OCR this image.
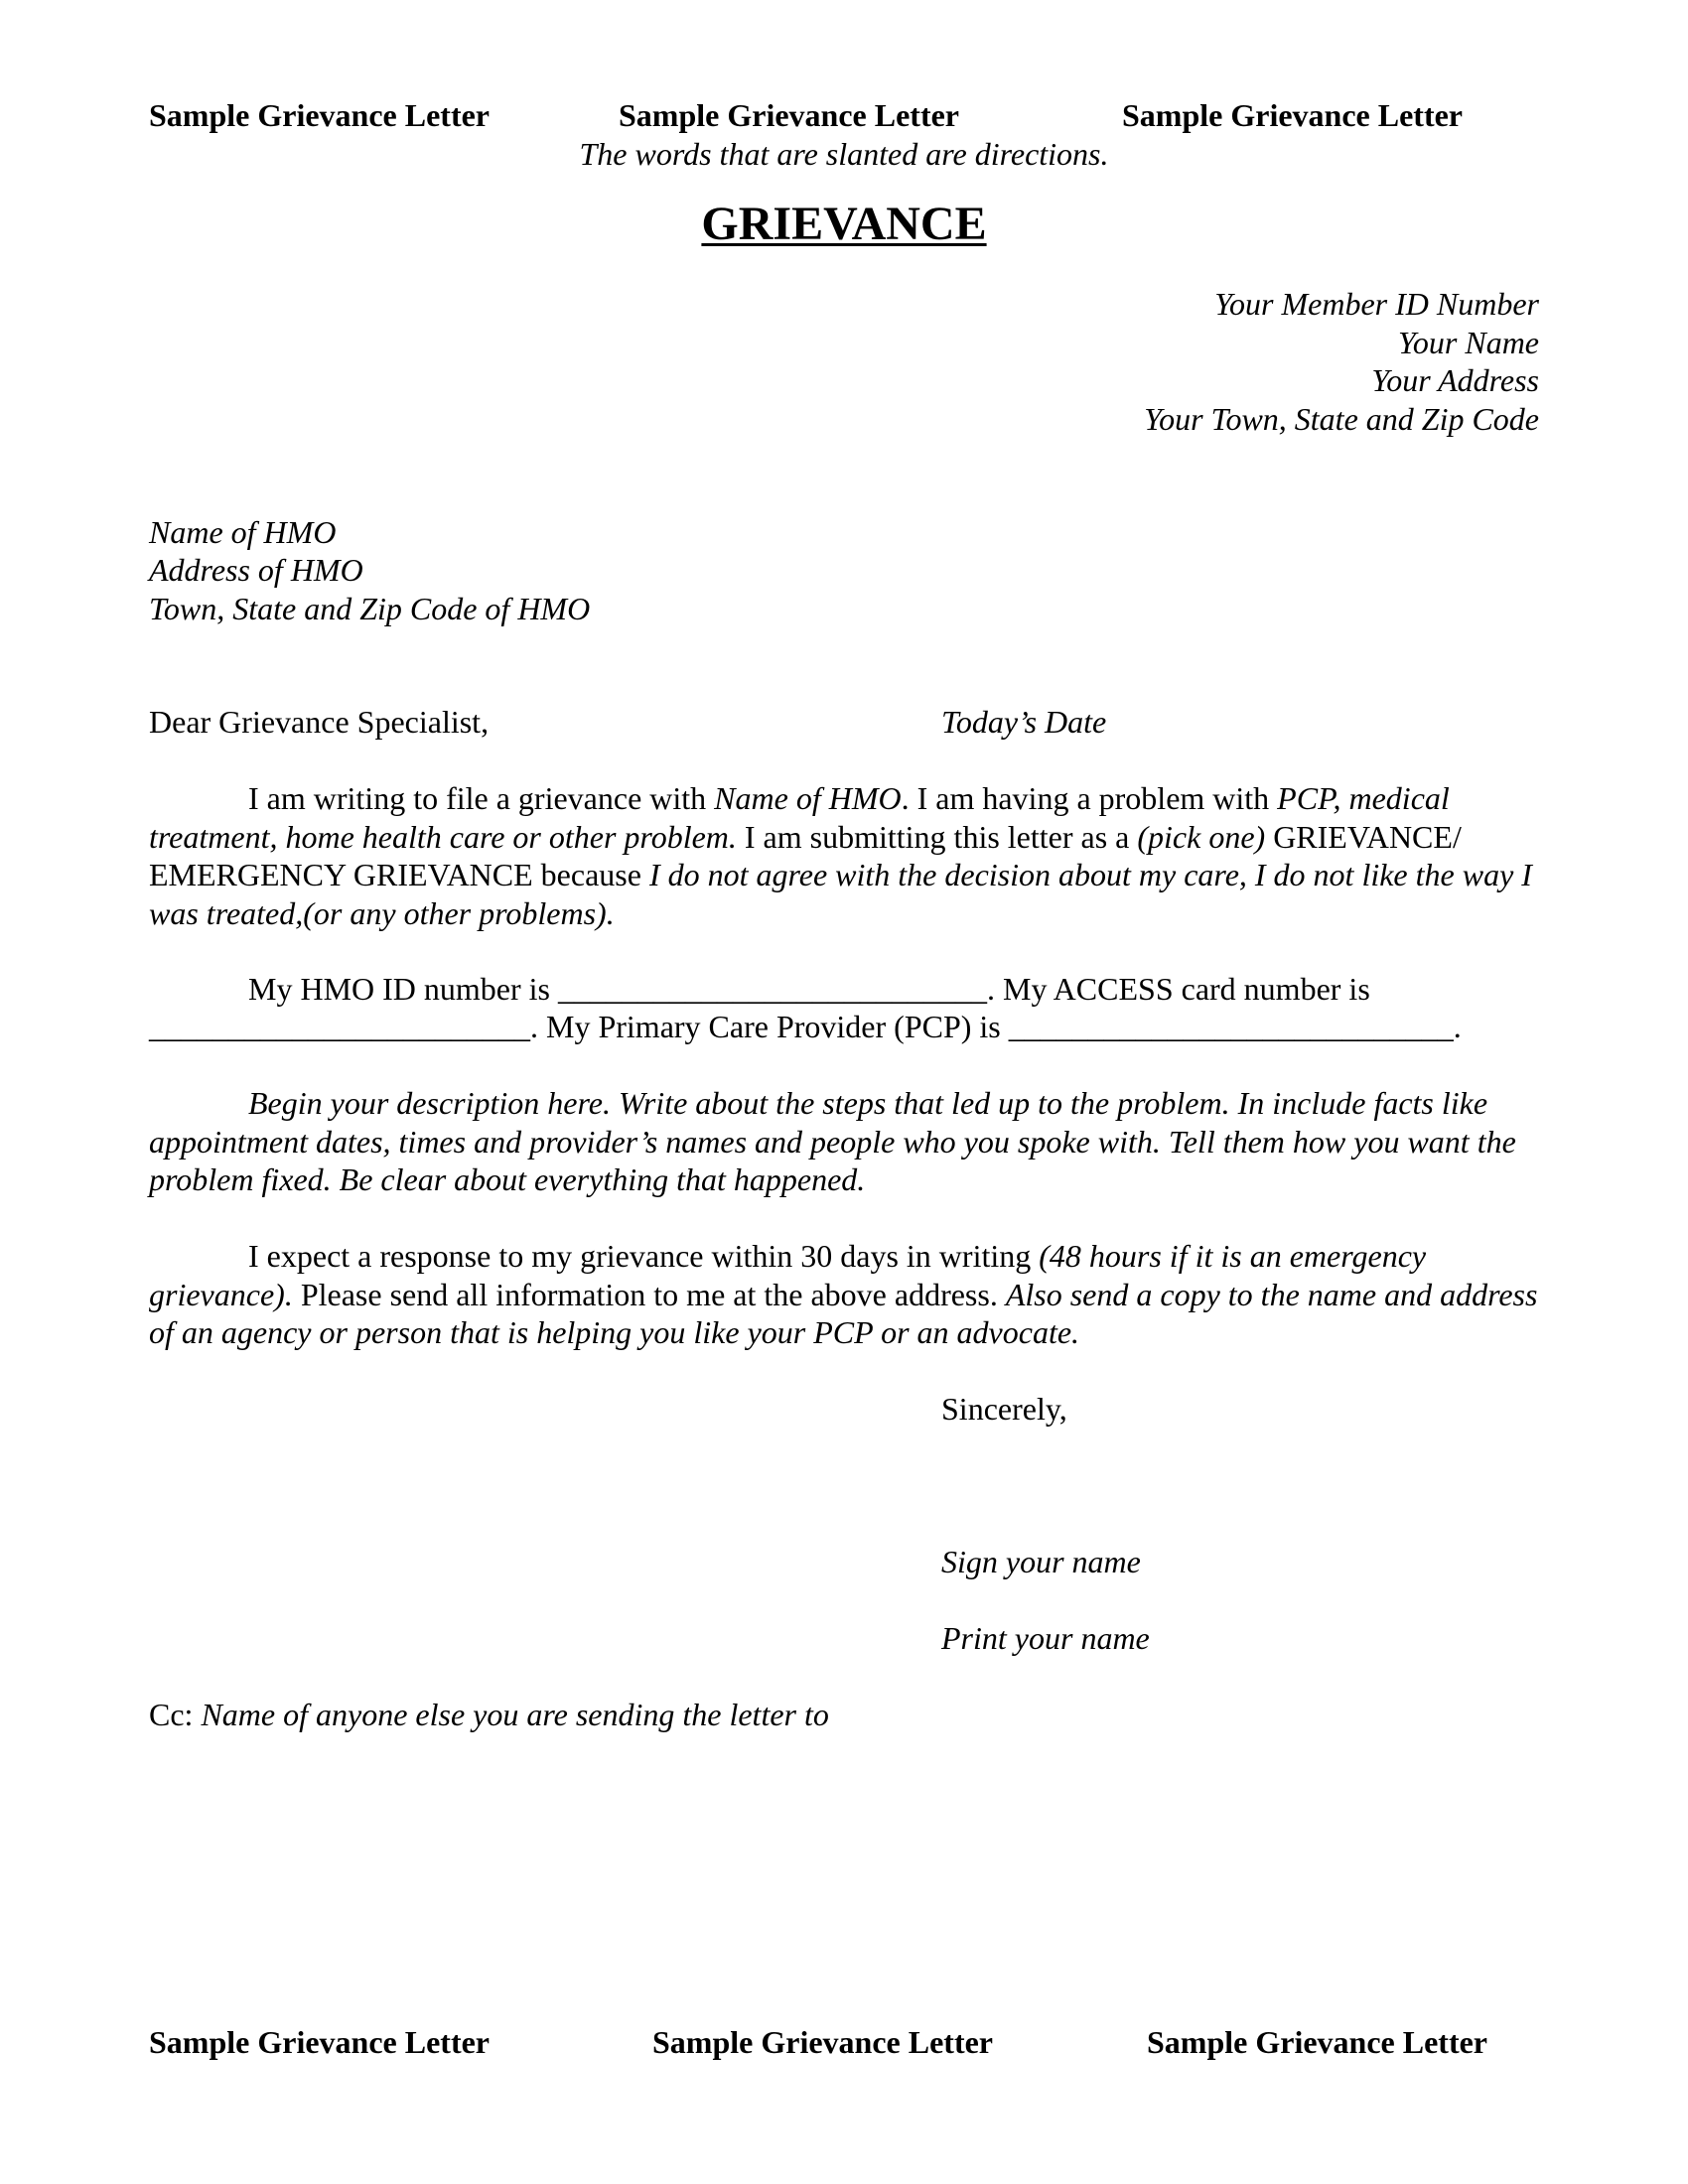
Sample Grievance Letter	Sample Grievance Letter	Sample Grievance Letter
The words that are slanted are directions.
GRIEVANCE
Your Member ID Number
Your Name
Your Address
Your Town, State and Zip Code
Name of HMO
Address of HMO
Town, State and Zip Code of HMO
Dear Grievance Specialist,	Today’s Date
I am writing to file a grievance with Name of HMO. I am having a problem with PCP, medical treatment, home health care or other problem. I am submitting this letter as a (pick one) GRIEVANCE/ EMERGENCY GRIEVANCE because I do not agree with the decision about my care, I do not like the way I was treated,(or any other problems).
My HMO ID number is ___________________________. My ACCESS card number is
________________________. My Primary Care Provider (PCP) is ____________________________.
Begin your description here. Write about the steps that led up to the problem. In include facts like appointment dates, times and provider’s names and people who you spoke with. Tell them how you want the problem fixed. Be clear about everything that happened.
I expect a response to my grievance within 30 days in writing (48 hours if it is an emergency grievance). Please send all information to me at the above address. Also send a copy to the name and address of an agency or person that is helping you like your PCP or an advocate.
Sincerely,
Sign your name
Print your name
Cc: Name of anyone else you are sending the letter to
Sample Grievance Letter	Sample Grievance Letter	Sample Grievance Letter
